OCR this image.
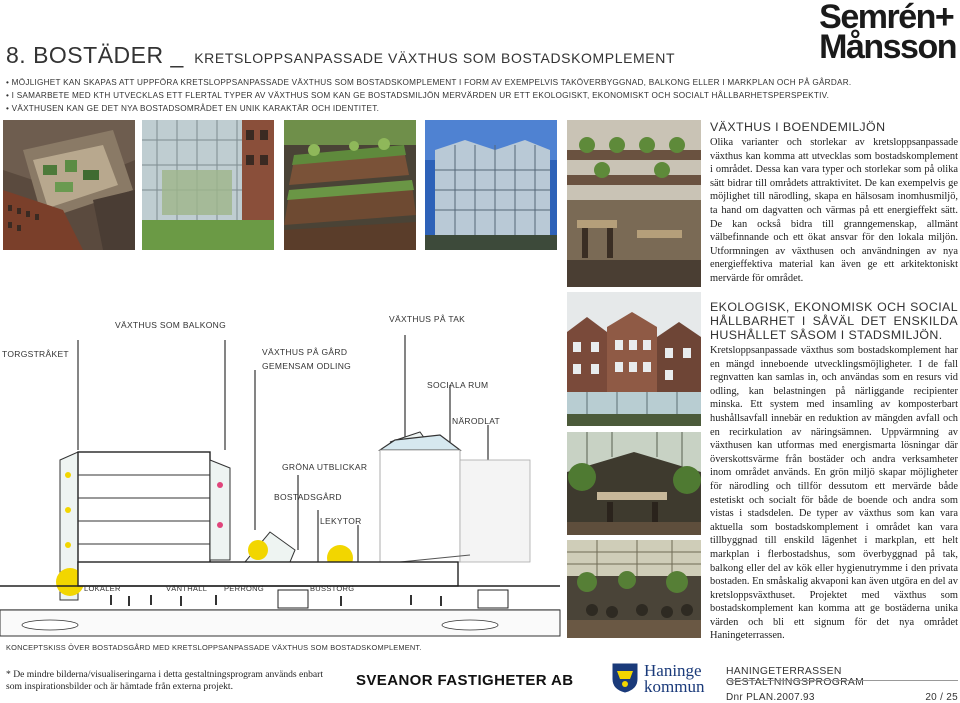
8. BOSTÄDER _ KRETSLOPPSANPASSADE VÄXTHUS SOM BOSTADSKOMPLEMENT
Semrén+
Månsson
• MÖJLIGHET KAN SKAPAS ATT UPPFÖRA KRETSLOPPSANPASSADE VÄXTHUS SOM BOSTADSKOMPLEMENT I FORM AV EXEMPELVIS TAKÖVERBYGGNAD, BALKONG ELLER I MARKPLAN OCH PÅ GÅRDAR.
• I SAMARBETE MED KTH UTVECKLAS ETT FLERTAL TYPER AV VÄXTHUS SOM KAN GE BOSTADSMILJÖN MERVÄRDEN UR ETT EKOLOGISKT, EKONOMISKT OCH SOCIALT HÅLLBARHETSPERSPEKTIV.
• VÄXTHUSEN KAN GE DET NYA BOSTADSOMRÅDET EN UNIK KARAKTÄR OCH IDENTITET.
TORGSTRÅKET
VÄXTHUS SOM BALKONG
VÄXTHUS PÅ GÅRD
GEMENSAM ODLING
VÄXTHUS PÅ TAK
SOCIALA RUM
NÄRODLAT
GRÖNA UTBLICKAR
BOSTADSGÅRD
LEKYTOR
LOKALER	VÄNTHALL PERRONG	BUSSTORG
KONCEPTSKISS ÖVER BOSTADSGÅRD MED KRETSLOPPSANPASSADE VÄXTHUS SOM BOSTADSKOMPLEMENT.
VÄXTHUS I BOENDEMILJÖN
Olika varianter och storlekar av kretsloppsanpassade växthus kan komma att utvecklas som bostadskomplement i området. Dessa kan vara typer och storlekar som på olika sätt bidrar till områdets attraktivitet. De kan exempelvis ge möjlighet till närodling, skapa en hälsosam inomhusmiljö, ta hand om dagvatten och värmas på ett energieffekt sätt. De kan också bidra till granngemenskap, allmänt välbefinnande och ett ökat ansvar för den lokala miljön. Utformningen av växthusen och användningen av nya energieffektiva material kan även ge ett arkitektoniskt mervärde för området.
EKOLOGISK, EKONOMISK OCH SOCIAL HÅLLBARHET I SÅVÄL DET ENSKILDA HUSHÅLLET SÅSOM I STADSMILJÖN.
Kretsloppsanpassade växthus som bostadskomplement har en mängd inneboende utvecklingsmöjligheter. I de fall regnvatten kan samlas in, och användas som en resurs vid odling, kan belastningen på närliggande recipienter minska. Ett system med insamling av komposterbart hushållsavfall innebär en reduktion av mängden avfall och en recirkulation av näringsämnen. Uppvärmning av växthusen kan utformas med energismarta lösningar där överskottsvärme från bostäder och andra verksamheter inom området används. En grön miljö skapar möjligheter för närodling och tillför dessutom ett mervärde både estetiskt och socialt för både de boende och andra som vistas i stadsdelen. De typer av växthus som kan vara aktuella som bostadskomplement i området kan vara tillbyggnad till enskild lägenhet i markplan, ett helt markplan i flerbostadshus, som överbyggnad på tak, balkong eller del av kök eller hygienutrymme i den privata bostaden. En småskalig akvaponi kan även utgöra en del av kretsloppsväxthuset. Projektet med växthus som bostadskomplement kan komma att ge bostäderna unika värden och bli ett signum för det nya området Haningeterrassen.
* De mindre bilderna/visualiseringarna i detta gestaltningsprogram används enbart som inspirationsbilder och är hämtade från externa projekt.	SVEANOR FASTIGHETER AB
Haninge
kommun
HANINGETERRASSEN GESTALTNINGSPROGRAM
Dnr PLAN.2007.93	20 / 25
